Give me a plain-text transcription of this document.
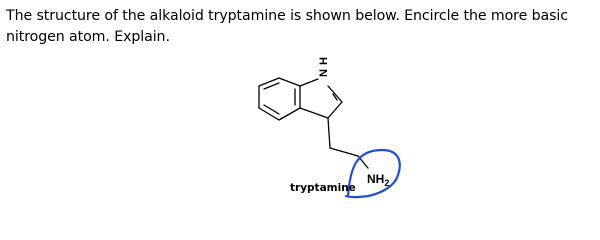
The structure of the alkaloid tryptamine is shown below. Encircle the more basic nitrogen atom. Explain.

N
H
$NH_2$
tryptamine
